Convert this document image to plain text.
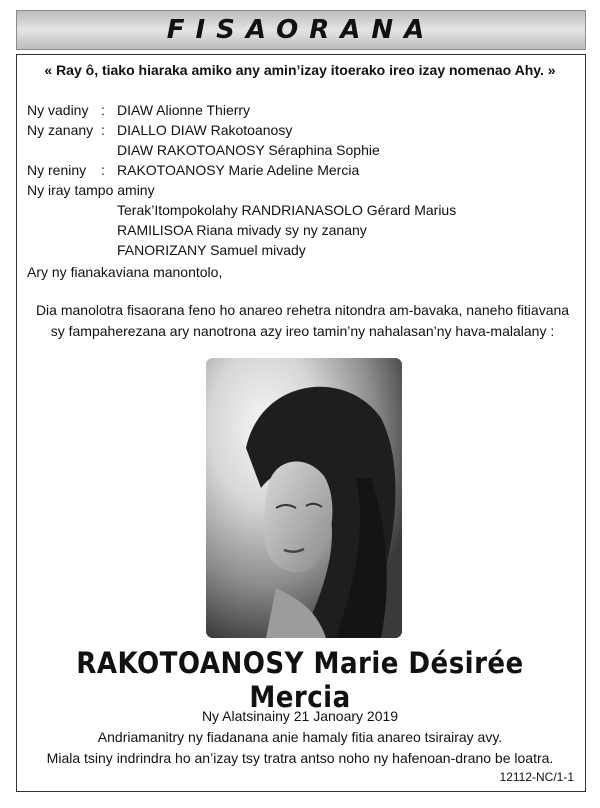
FISAORANA
« Ray ô, tiako hiaraka amiko any amin’izay itoerako ireo izay nomenao Ahy. »
Ny vadiny : DIAW Alionne Thierry
Ny zanany : DIALLO DIAW Rakotoanosy
DIAW RAKOTOANOSY Séraphina Sophie
Ny reniny : RAKOTOANOSY Marie Adeline Mercia
Ny iray tampo aminy
Terak’Itompokolahy RANDRIANASOLO Gérard Marius
RAMILISOA Riana mivady sy ny zanany
FANORIZANY Samuel mivady
Ary ny fianakaviana manontolo,
Dia manolotra fisaorana feno ho anareo rehetra nitondra am-bavaka, naneho fitiavana sy fampaherezana ary nanotrona azy ireo tamin’ny nahalasan’ny hava-malalany :
RAKOTOANOSY Marie Désirée Mercia
Ny Alatsinainy 21 Janoary 2019
Andriamanitry ny fiadanana anie hamaly fitia anareo tsirairay avy.
Miala tsiny indrindra ho an’izay tsy tratra antso noho ny hafenoan-drano be loatra.
12112-NC/1-1
